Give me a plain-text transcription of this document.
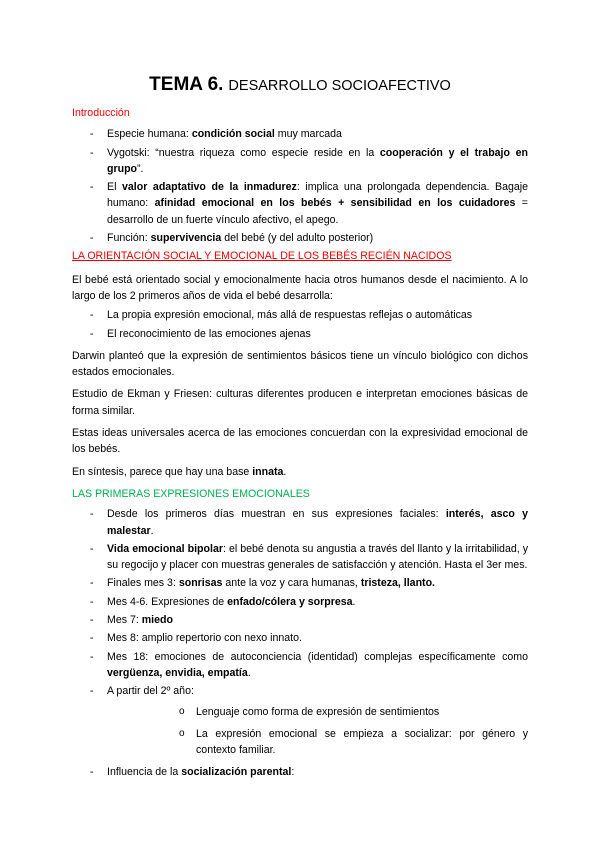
TEMA 6. DESARROLLO SOCIOAFECTIVO
Introducción
- Especie humana: condición social muy marcada
- Vygotski: “nuestra riqueza como especie reside en la cooperación y el trabajo en grupo”.
- El valor adaptativo de la inmadurez: implica una prolongada dependencia. Bagaje humano: afinidad emocional en los bebés + sensibilidad en los cuidadores = desarrollo de un fuerte vínculo afectivo, el apego.
- Función: supervivencia del bebé (y del adulto posterior)
LA ORIENTACIÓN SOCIAL Y EMOCIONAL DE LOS BEBÉS RECIÉN NACIDOS

El bebé está orientado social y emocionalmente hacia otros humanos desde el nacimiento. A lo largo de los 2 primeros años de vida el bebé desarrolla:

- La propia expresión emocional, más allá de respuestas reflejas o automáticas
- El reconocimiento de las emociones ajenas

Darwin planteó que la expresión de sentimientos básicos tiene un vínculo biológico con dichos estados emocionales.

Estudio de Ekman y Friesen: culturas diferentes producen e interpretan emociones básicas de forma similar.

Estas ideas universales acerca de las emociones concuerdan con la expresividad emocional de los bebés.

En síntesis, parece que hay una base innata.

LAS PRIMERAS EXPRESIONES EMOCIONALES
- Desde los primeros días muestran en sus expresiones faciales: interés, asco y malestar.
- Vida emocional bipolar: el bebé denota su angustia a través del llanto y la irritabilidad, y su regocijo y placer con muestras generales de satisfacción y atención. Hasta el 3er mes.
- Finales mes 3: sonrisas ante la voz y cara humanas, tristeza, llanto.
- Mes 4-6. Expresiones de enfado/cólera y sorpresa.
- Mes 7: miedo
- Mes 8: amplio repertorio con nexo innato.
- Mes 18: emociones de autoconciencia (identidad) complejas específicamente como vergüenza, envidia, empatía.
- A partir del 2º año:
o Lenguaje como forma de expresión de sentimientos
o La expresión emocional se empieza a socializar: por género y contexto familiar.
- Influencia de la socialización parental:
